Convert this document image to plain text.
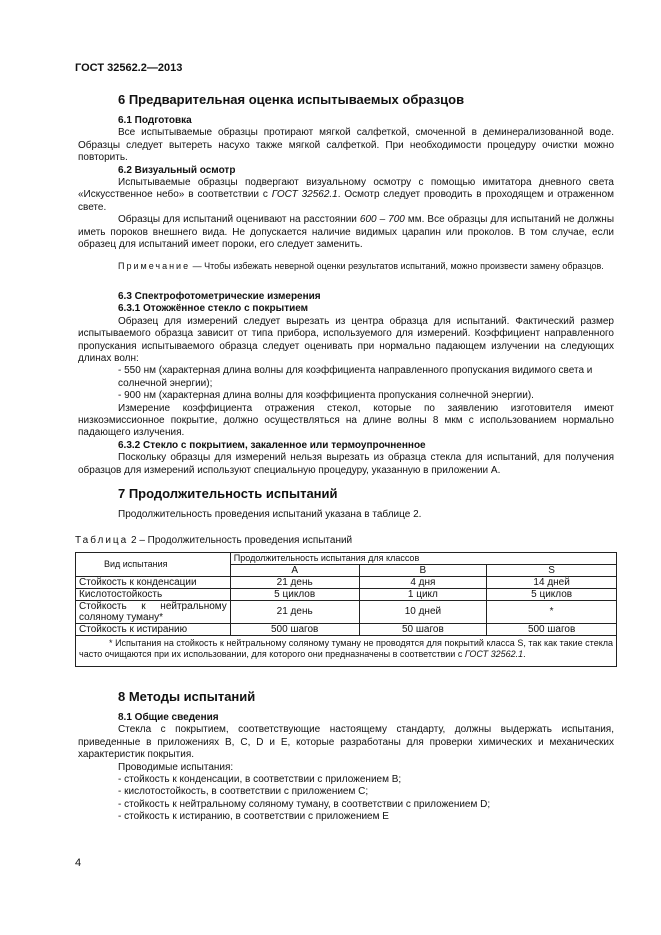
ГОСТ 32562.2—2013
6 Предварительная оценка испытываемых образцов
6.1 Подготовка

Все испытываемые образцы протирают мягкой салфеткой, смоченной в деминерализованной воде. Образцы следует вытереть насухо также мягкой салфеткой. При необходимости процедуру очистки можно повторить.

6.2 Визуальный осмотр

Испытываемые образцы подвергают визуальному осмотру с помощью имитатора дневного света «Искусственное небо» в соответствии с ГОСТ 32562.1. Осмотр следует проводить в проходящем и отраженном свете.

Образцы для испытаний оценивают на расстоянии 600 – 700 мм. Все образцы для испытаний не должны иметь пороков внешнего вида. Не допускается наличие видимых царапин или проколов. В том случае, если образец для испытаний имеет пороки, его следует заменить.

Примечание — Чтобы избежать неверной оценки результатов испытаний, можно произвести замену образцов.

6.3 Спектрофотометрические измерения
6.3.1 Отожжённое стекло с покрытием

Образец для измерений следует вырезать из центра образца для испытаний. Фактический размер испытываемого образца зависит от типа прибора, используемого для измерений. Коэффициент направленного пропускания испытываемого образца следует оценивать при нормально падающем излучении на следующих длинах волн:

- 550 нм (характерная длина волны для коэффициента направленного пропускания видимого света и солнечной энергии);

- 900 нм (характерная длина волны для коэффициента пропускания солнечной энергии).

Измерение коэффициента отражения стекол, которые по заявлению изготовителя имеют низкоэмиссионное покрытие, должно осуществляться на длине волны 8 мкм с использованием нормально падающего излучения.

6.3.2 Стекло с покрытием, закаленное или термоупрочненное

Поскольку образцы для измерений нельзя вырезать из образца стекла для испытаний, для получения образцов для измерений используют специальную процедуру, указанную в приложении А.

7 Продолжительность испытаний

Продолжительность проведения испытаний указана в таблице 2.

Таблица 2 – Продолжительность проведения испытаний
Вид испытания	Продолжительность испытания для классов		
	A	B	S
Стойкость к конденсации	21 день	4 дня	14 дней
Кислотостойкость	5 циклов	1 цикл	5 циклов
Стойкость к нейтральному соляному туману*	21 день	10 дней	*
Стойкость к истиранию	500 шагов	50 шагов	500 шагов
* Испытания на стойкость к нейтральному соляному туману не проводятся для покрытий класса S, так как такие стекла часто очищаются при их использовании, для которого они предназначены в соответствии с ГОСТ 32562.1.			
8 Методы испытаний
8.1 Общие сведения

Стекла с покрытием, соответствующие настоящему стандарту, должны выдержать испытания, приведенные в приложениях B, C, D и E, которые разработаны для проверки химических и механических характеристик покрытия.

Проводимые испытания:

- стойкость к конденсации, в соответствии с приложением B;

- кислотостойкость, в соответствии с приложением C;

- стойкость к нейтральному соляному туману, в соответствии с приложением D;

- стойкость к истиранию, в соответствии с приложением E

4
